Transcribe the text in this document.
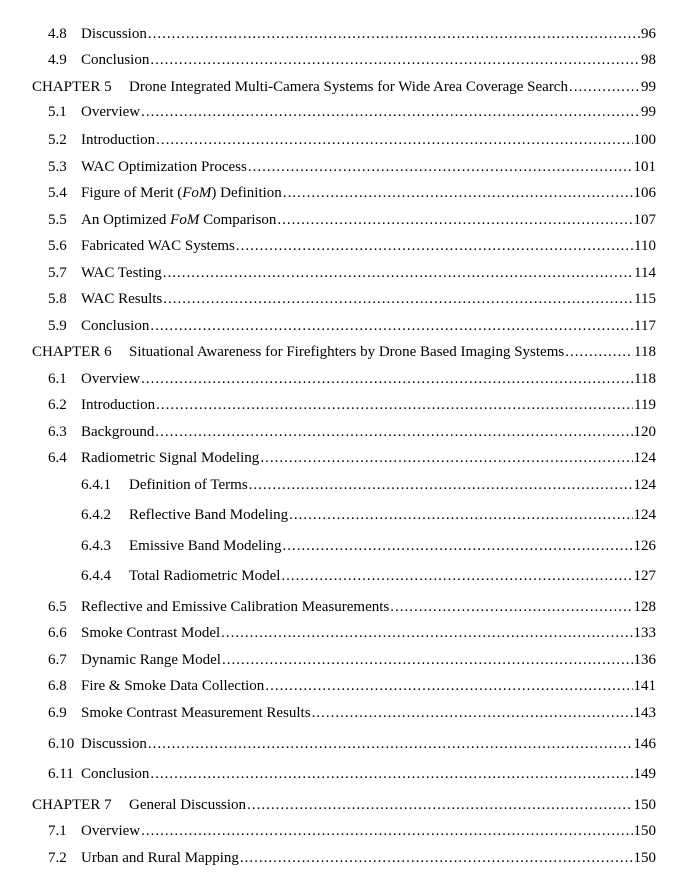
4.8 Discussion .....	96
4.9 Conclusion .....	98
CHAPTER 5 Drone Integrated Multi-Camera Systems for Wide Area Coverage Search .....	99
5.1 Overview .....	99
5.2 Introduction .....	100
5.3 WAC Optimization Process .....	101
5.4 Figure of Merit (FoM) Definition .....	106
5.5 An Optimized FoM Comparison .....	107
5.6 Fabricated WAC Systems .....	110
5.7 WAC Testing .....	114
5.8 WAC Results .....	115
5.9 Conclusion .....	117
CHAPTER 6 Situational Awareness for Firefighters by Drone Based Imaging Systems .....	118
6.1 Overview .....	118
6.2 Introduction .....	119
6.3 Background .....	120
6.4 Radiometric Signal Modeling .....	124
6.4.1 Definition of Terms .....	124
6.4.2 Reflective Band Modeling .....	124
6.4.3 Emissive Band Modeling .....	126
6.4.4 Total Radiometric Model .....	127
6.5 Reflective and Emissive Calibration Measurements .....	128
6.6 Smoke Contrast Model .....	133
6.7 Dynamic Range Model .....	136
6.8 Fire & Smoke Data Collection .....	141
6.9 Smoke Contrast Measurement Results .....	143
6.10 Discussion .....	146
6.11 Conclusion .....	149
CHAPTER 7 General Discussion .....	150
7.1 Overview .....	150
7.2 Urban and Rural Mapping .....	150
